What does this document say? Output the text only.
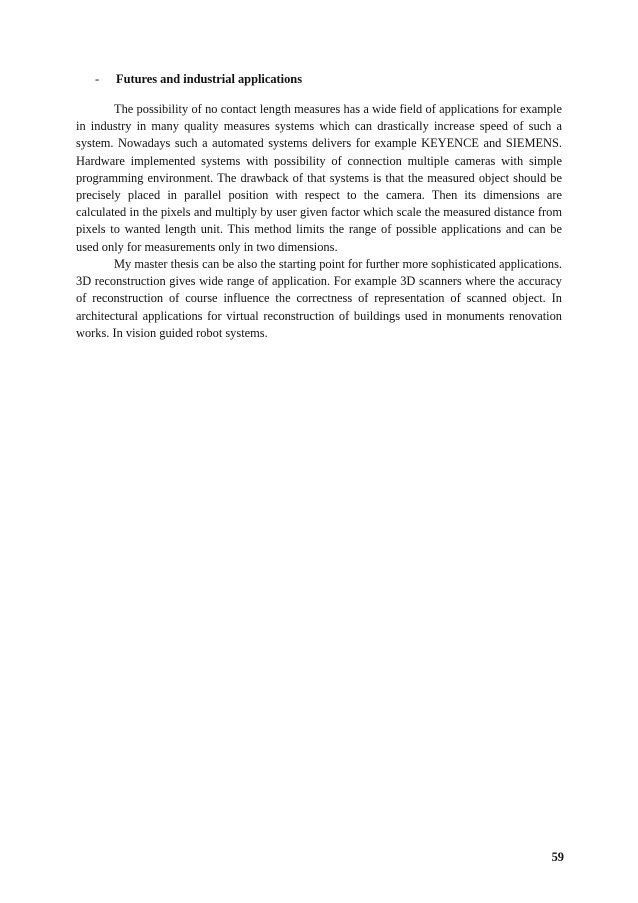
- Futures and industrial applications

The possibility of no contact length measures has a wide field of applications for example in industry in many quality measures systems which can drastically increase speed of such a system. Nowadays such a automated systems delivers for example KEYENCE and SIEMENS. Hardware implemented systems with possibility of connection multiple cameras with simple programming environment. The drawback of that systems is that the measured object should be precisely placed in parallel position with respect to the camera. Then its dimensions are calculated in the pixels and multiply by user given factor which scale the measured distance from pixels to wanted length unit. This method limits the range of possible applications and can be used only for measurements only in two dimensions.

My master thesis can be also the starting point for further more sophisticated applications. 3D reconstruction gives wide range of application. For example 3D scanners where the accuracy of reconstruction of course influence the correctness of representation of scanned object. In architectural applications for virtual reconstruction of buildings used in monuments renovation works. In vision guided robot systems.

59
